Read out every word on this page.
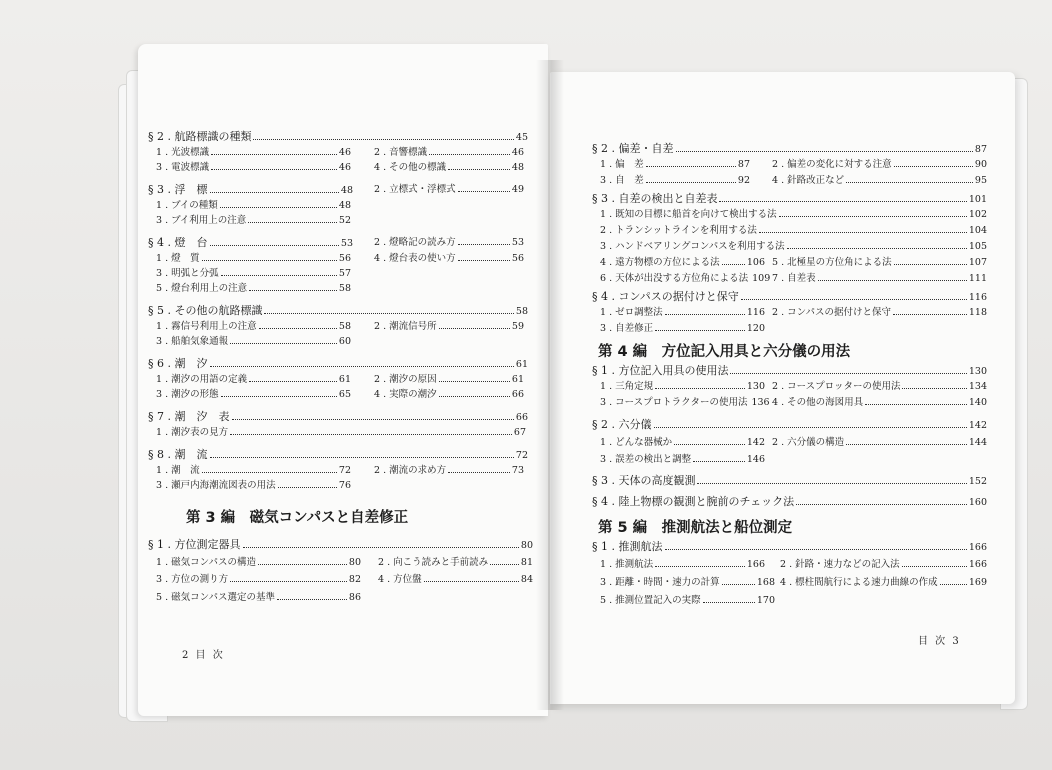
§ 2 . 航路標識の種類	45
1 . 光波標識	46 2 . 音響標識	46
3 . 電波標識	46 4 . その他の標識	48
§ 3 . 浮　標	48 2 . 立標式・浮標式	49
1 . ブイの種類	48
3 . ブイ利用上の注意	52
§ 4 . 燈　台	53 2 . 燈略記の読み方	53
1 . 燈　質	56 4 . 燈台表の使い方	56
3 . 明弧と分弧	57
5 . 燈台利用上の注意	58
§ 5 . その他の航路標識	58
1 . 霧信号利用上の注意	58 2 . 潮流信号所	59
3 . 船舶気象通報	60
§ 6 . 潮　汐	61
1 . 潮汐の用語の定義	61 2 . 潮汐の原因	61
3 . 潮汐の形態	65 4 . 実際の潮汐	66
§ 7 . 潮　汐　表	66
1 . 潮汐表の見方	67
§ 8 . 潮　流	72
1 . 潮　流	72 2 . 潮流の求め方	73
3 . 瀬戸内海潮流図表の用法	76
§ 1 . 方位測定器具	80
1 . 磁気コンパスの構造	80 2 . 向こう読みと手前読み	81
3 . 方位の測り方	82 4 . 方位盤	84
5 . 磁気コンパス選定の基準	86
第 3 編　磁気コンパスと自差修正
2 目 次
§ 2 . 偏差・自差	87
1 . 偏　差	87 2 . 偏差の変化に対する注意	90
3 . 自　差	92 4 . 針路改正など	95
§ 3 . 自差の検出と自差表	101
1 . 既知の目標に船首を向けて検出する法	102
2 . トランシットラインを利用する法	104
3 . ハンドベアリングコンパスを利用する法	105
4 . 遠方物標の方位による法	106 5 . 北極星の方位角による法	107
6 . 天体が出没する方位角による法 109 7 . 自差表	111
§ 4 . コンパスの据付けと保守	116
1 . ゼロ調整法	116 2 . コンパスの据付けと保守	118
3 . 自差修正	120
§ 1 . 方位記入用具の使用法	130
1 . 三角定規	130 2 . コースプロッターの使用法	134
3 . コースプロトラクターの使用法 136 4 . その他の海図用具	140
§ 2 . 六分儀	142
1 . どんな器械か	142 2 . 六分儀の構造	144
3 . 誤差の検出と調整	146
§ 3 . 天体の高度観測	152
§ 4 . 陸上物標の観測と腕前のチェック法	160
§ 1 . 推測航法	166
1 . 推測航法	166 2 . 針路・速力などの記入法	166
3 . 距離・時間・速力の計算	168 4 . 標柱間航行による速力曲線の作成	169
5 . 推測位置記入の実際	170
第 4 編　方位記入用具と六分儀の用法
第 5 編　推測航法と船位測定
目 次 3
